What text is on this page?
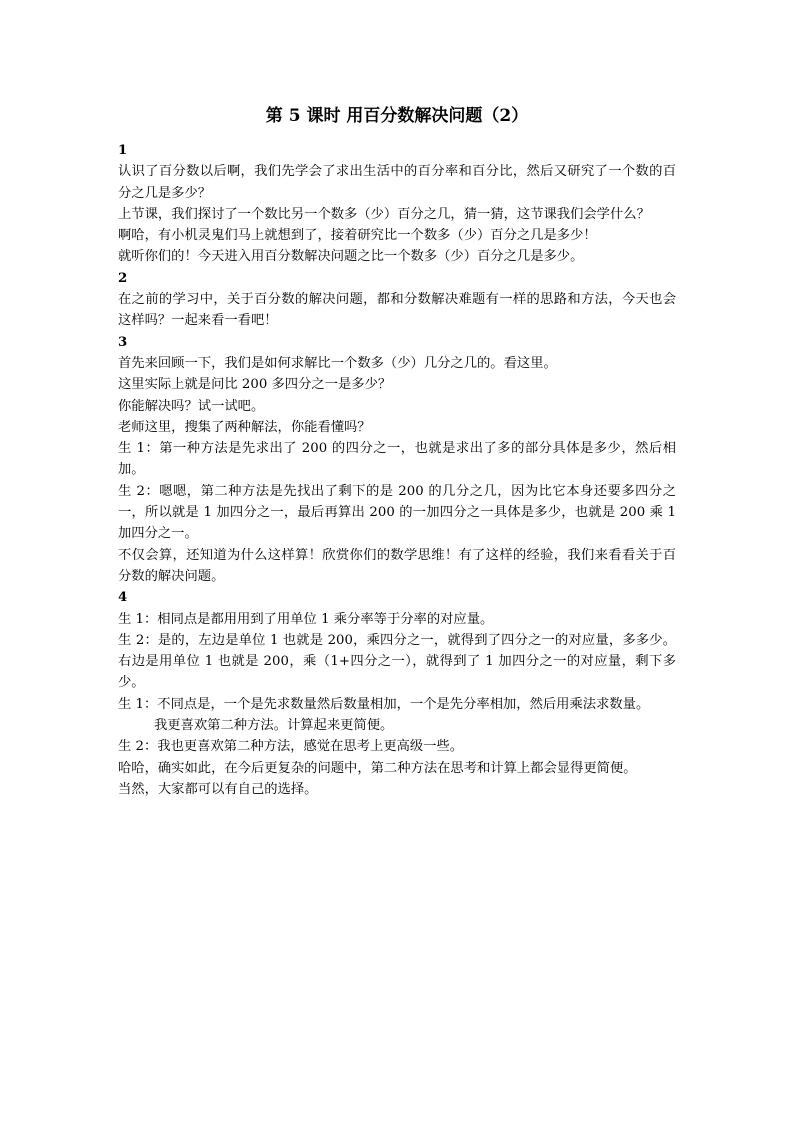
第 5 课时 用百分数解决问题（2）

1

认识了百分数以后啊，我们先学会了求出生活中的百分率和百分比，然后又研究了一个数的百分之几是多少？

上节课，我们探讨了一个数比另一个数多（少）百分之几，猜一猜，这节课我们会学什么？

啊哈，有小机灵鬼们马上就想到了，接着研究比一个数多（少）百分之几是多少！

就听你们的！今天进入用百分数解决问题之比一个数多（少）百分之几是多少。

2

在之前的学习中，关于百分数的解决问题，都和分数解决难题有一样的思路和方法，今天也会这样吗？一起来看一看吧！

3

首先来回顾一下，我们是如何求解比一个数多（少）几分之几的。看这里。

这里实际上就是问比 200 多四分之一是多少？

你能解决吗？试一试吧。

老师这里，搜集了两种解法，你能看懂吗？

生 1：第一种方法是先求出了 200 的四分之一，也就是求出了多的部分具体是多少，然后相加。

生 2：嗯嗯，第二种方法是先找出了剩下的是 200 的几分之几，因为比它本身还要多四分之一，所以就是 1 加四分之一，最后再算出 200 的一加四分之一具体是多少，也就是 200 乘 1 加四分之一。

不仅会算，还知道为什么这样算！欣赏你们的数学思维！有了这样的经验，我们来看看关于百分数的解决问题。

4

生 1：相同点是都用用到了用单位 1 乘分率等于分率的对应量。

生 2：是的，左边是单位 1 也就是 200，乘四分之一，就得到了四分之一的对应量，多多少。右边是用单位 1 也就是 200，乘（1+四分之一），就得到了 1 加四分之一的对应量，剩下多少。

生 1：不同点是，一个是先求数量然后数量相加，一个是先分率相加，然后用乘法求数量。

我更喜欢第二种方法。计算起来更简便。

生 2：我也更喜欢第二种方法，感觉在思考上更高级一些。

哈哈，确实如此，在今后更复杂的问题中，第二种方法在思考和计算上都会显得更简便。

当然，大家都可以有自己的选择。
